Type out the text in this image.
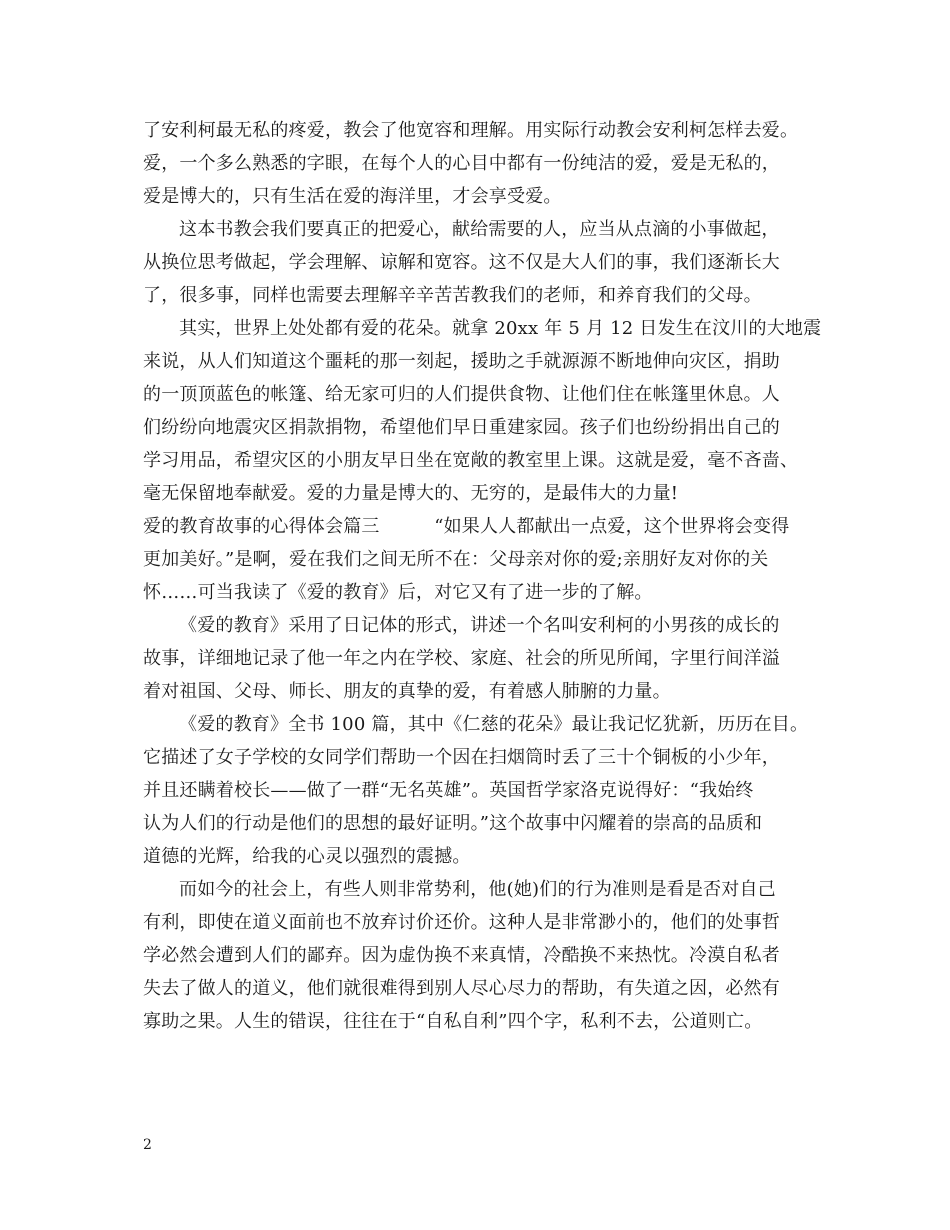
了安利柯最无私的疼爱，教会了他宽容和理解。用实际行动教会安利柯怎样去爱。
爱，一个多么熟悉的字眼，在每个人的心目中都有一份纯洁的爱，爱是无私的，
爱是博大的，只有生活在爱的海洋里，才会享受爱。
这本书教会我们要真正的把爱心，献给需要的人，应当从点滴的小事做起，
从换位思考做起，学会理解、谅解和宽容。这不仅是大人们的事，我们逐渐长大
了，很多事，同样也需要去理解辛辛苦苦教我们的老师，和养育我们的父母。
其实，世界上处处都有爱的花朵。就拿 20xx 年 5 月 12 日发生在汶川的大地震
来说，从人们知道这个噩耗的那一刻起，援助之手就源源不断地伸向灾区，捐助
的一顶顶蓝色的帐篷、给无家可归的人们提供食物、让他们住在帐篷里休息。人
们纷纷向地震灾区捐款捐物，希望他们早日重建家园。孩子们也纷纷捐出自己的
学习用品，希望灾区的小朋友早日坐在宽敞的教室里上课。这就是爱，毫不吝啬、
毫无保留地奉献爱。爱的力量是博大的、无穷的，是最伟大的力量!
爱的教育故事的心得体会篇三　　　“如果人人都献出一点爱，这个世界将会变得
更加美好。”是啊，爱在我们之间无所不在：父母亲对你的爱;亲朋好友对你的关
怀……可当我读了《爱的教育》后，对它又有了进一步的了解。
《爱的教育》采用了日记体的形式，讲述一个名叫安利柯的小男孩的成长的
故事，详细地记录了他一年之内在学校、家庭、社会的所见所闻，字里行间洋溢
着对祖国、父母、师长、朋友的真挚的爱，有着感人肺腑的力量。
《爱的教育》全书 100 篇，其中《仁慈的花朵》最让我记忆犹新，历历在目。
它描述了女子学校的女同学们帮助一个因在扫烟筒时丢了三十个铜板的小少年，
并且还瞒着校长——做了一群“无名英雄”。英国哲学家洛克说得好：“我始终
认为人们的行动是他们的思想的最好证明。”这个故事中闪耀着的崇高的品质和
道德的光辉，给我的心灵以强烈的震撼。
而如今的社会上，有些人则非常势利，他(她)们的行为准则是看是否对自己
有利，即使在道义面前也不放弃讨价还价。这种人是非常渺小的，他们的处事哲
学必然会遭到人们的鄙弃。因为虚伪换不来真情，冷酷换不来热忱。冷漠自私者
失去了做人的道义，他们就很难得到别人尽心尽力的帮助，有失道之因，必然有
寡助之果。人生的错误，往往在于“自私自利”四个字，私利不去，公道则亡。
2
